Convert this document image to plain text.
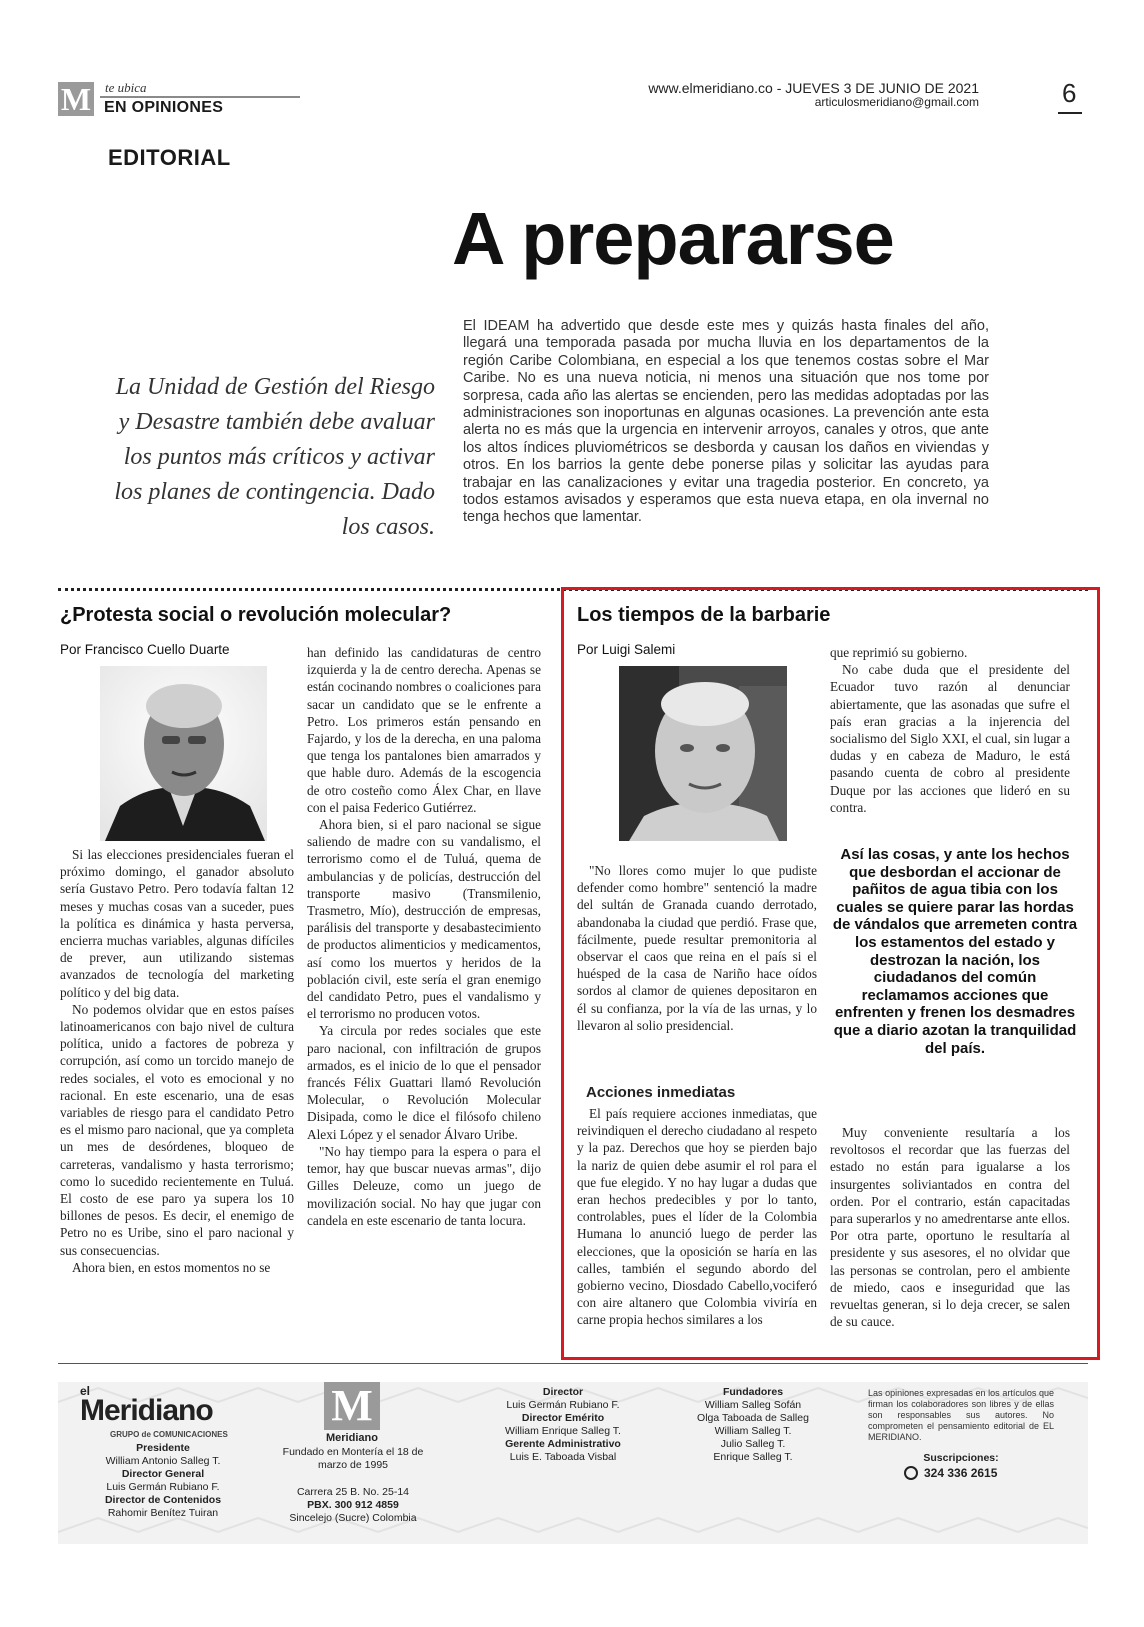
M te ubica
EN OPINIONES
www.elmeridiano.co - JUEVES 3 DE JUNIO DE 2021
articulosmeridiano@gmail.com	6
EDITORIAL
A prepararse
La Unidad de Gestión del Riesgo y Desastre también debe avaluar los puntos más críticos y activar los planes de contingencia. Dado los casos.
El IDEAM ha advertido que desde este mes y quizás hasta finales del año, llegará una temporada pasada por mucha lluvia en los departamentos de la región Caribe Colombiana, en especial a los que tenemos costas sobre el Mar Caribe. No es una nueva noticia, ni menos una situación que nos tome por sorpresa, cada año las alertas se encienden, pero las medidas adoptadas por las administraciones son inoportunas en algunas ocasiones. La prevención ante esta alerta no es más que la urgencia en intervenir arroyos, canales y otros, que ante los altos índices pluviométricos se desborda y causan los daños en viviendas y otros. En los barrios la gente debe ponerse pilas y solicitar las ayudas para trabajar en las canalizaciones y evitar una tragedia posterior. En concreto, ya todos estamos avisados y esperamos que esta nueva etapa, en ola invernal no tenga hechos que lamentar.
¿Protesta social o revolución molecular?
Por Francisco Cuello Duarte

Si las elecciones presidenciales fueran el próximo domingo, el ganador absoluto sería Gustavo Petro. Pero todavía faltan 12 meses y muchas cosas van a suceder, pues la política es dinámica y hasta perversa, encierra muchas variables, algunas difíciles de prever, aun utilizando sistemas avanzados de tecnología del marketing político y del big data.

No podemos olvidar que en estos países latinoamericanos con bajo nivel de cultura política, unido a factores de pobreza y corrupción, así como un torcido manejo de redes sociales, el voto es emocional y no racional. En este escenario, una de esas variables de riesgo para el candidato Petro es el mismo paro nacional, que ya completa un mes de desórdenes, bloqueo de carreteras, vandalismo y hasta terrorismo; como lo sucedido recientemente en Tuluá. El costo de ese paro ya supera los 10 billones de pesos. Es decir, el enemigo de Petro no es Uribe, sino el paro nacional y sus consecuencias.

Ahora bien, en estos momentos no se

han definido las candidaturas de centro izquierda y la de centro derecha. Apenas se están cocinando nombres o coaliciones para sacar un candidato que se le enfrente a Petro. Los primeros están pensando en Fajardo, y los de la derecha, en una paloma que tenga los pantalones bien amarrados y que hable duro. Además de la escogencia de otro costeño como Álex Char, en llave con el paisa Federico Gutiérrez.

Ahora bien, si el paro nacional se sigue saliendo de madre con su vandalismo, el terrorismo como el de Tuluá, quema de ambulancias y de policías, destrucción del transporte masivo (Transmilenio, Trasmetro, Mío), destrucción de empresas, parálisis del transporte y desabastecimiento de productos alimenticios y medicamentos, así como los muertos y heridos de la población civil, este sería el gran enemigo del candidato Petro, pues el vandalismo y el terrorismo no producen votos.

Ya circula por redes sociales que este paro nacional, con infiltración de grupos armados, es el inicio de lo que el pensador francés Félix Guattari llamó Revolución Molecular, o Revolución Molecular Disipada, como le dice el filósofo chileno Alexi López y el senador Álvaro Uribe.

"No hay tiempo para la espera o para el temor, hay que buscar nuevas armas", dijo Gilles Deleuze, como un juego de movilización social. No hay que jugar con candela en este escenario de tanta locura.

Los tiempos de la barbarie
Por Luigi Salemi

"No llores como mujer lo que pudiste defender como hombre" sentenció la madre del sultán de Granada cuando derrotado, abandonaba la ciudad que perdió. Frase que, fácilmente, puede resultar premonitoria al observar el caos que reina en el país si el huésped de la casa de Nariño hace oídos sordos al clamor de quienes depositaron en él su confianza, por la vía de las urnas, y lo llevaron al solio presidencial.

Acciones inmediatas

El país requiere acciones inmediatas, que reivindiquen el derecho ciudadano al respeto y la paz. Derechos que hoy se pierden bajo la nariz de quien debe asumir el rol para el que fue elegido. Y no hay lugar a dudas que eran hechos predecibles y por lo tanto, controlables, pues el líder de la Colombia Humana lo anunció luego de perder las elecciones, que la oposición se haría en las calles, también el segundo abordo del gobierno vecino, Diosdado Cabello,vociferó con aire altanero que Colombia viviría en carne propia hechos similares a los

que reprimió su gobierno.

No cabe duda que el presidente del Ecuador tuvo razón al denunciar abiertamente, que las asonadas que sufre el país eran gracias a la injerencia del socialismo del Siglo XXI, el cual, sin lugar a dudas y en cabeza de Maduro, le está pasando cuenta de cobro al presidente Duque por las acciones que lideró en su contra.

Así las cosas, y ante los hechos que desbordan el accionar de pañitos de agua tibia con los cuales se quiere parar las hordas de vándalos que arremeten contra los estamentos del estado y destrozan la nación, los ciudadanos del común reclamamos acciones que enfrenten y frenen los desmadres que a diario azotan la tranquilidad del país.

Muy conveniente resultaría a los revoltosos el recordar que las fuerzas del estado no están para igualarse a los insurgentes soliviantados en contra del orden. Por el contrario, están capacitadas para superarlos y no amedrentarse ante ellos. Por otra parte, oportuno le resultaría al presidente y sus asesores, el no olvidar que las personas se controlan, pero el ambiente de miedo, caos e inseguridad que las revueltas generan, si lo deja crecer, se salen de su cauce.

el
Meridiano
GRUPO de COMUNICACIONES
Presidente
William Antonio Salleg T.
Director General
Luis Germán Rubiano F.
Director de Contenidos
Rahomir Benítez Tuiran
M
Meridiano
Fundado en Montería el 18 de marzo de 1995
Carrera 25 B. No. 25-14
PBX. 300 912 4859
Sincelejo (Sucre) Colombia
Director
Luis Germán Rubiano F.
Director Emérito
William Enrique Salleg T.
Gerente Administrativo
Luis E. Taboada Visbal
Fundadores
William Salleg Sofán
Olga Taboada de Salleg
William Salleg T.
Julio Salleg T.
Enrique Salleg T.
Las opiniones expresadas en los artículos que firman los colaboradores son libres y de ellas son responsables sus autores. No comprometen el pensamiento editorial de EL MERIDIANO.
Suscripciones:
324 336 2615
